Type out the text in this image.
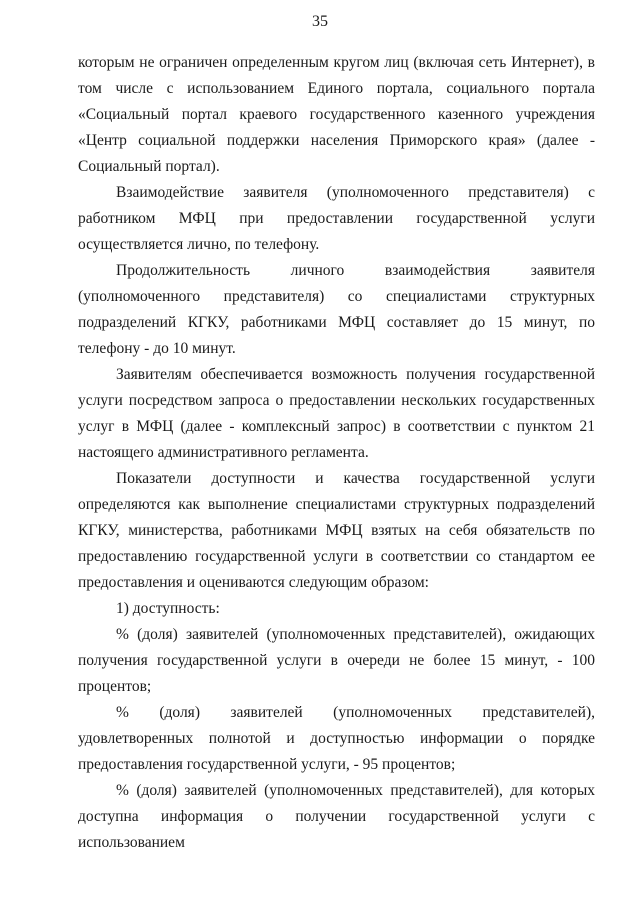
35

которым не ограничен определенным кругом лиц (включая сеть Интернет), в том числе с использованием Единого портала, социального портала «Социальный портал краевого государственного казенного учреждения «Центр социальной поддержки населения Приморского края» (далее - Социальный портал).

Взаимодействие заявителя (уполномоченного представителя) с работником МФЦ при предоставлении государственной услуги осуществляется лично, по телефону.

Продолжительность личного взаимодействия заявителя (уполномоченного представителя) со специалистами структурных подразделений КГКУ, работниками МФЦ составляет до 15 минут, по телефону - до 10 минут.

Заявителям обеспечивается возможность получения государственной услуги посредством запроса о предоставлении нескольких государственных услуг в МФЦ (далее - комплексный запрос) в соответствии с пунктом 21 настоящего административного регламента.

Показатели доступности и качества государственной услуги определяются как выполнение специалистами структурных подразделений КГКУ, министерства, работниками МФЦ взятых на себя обязательств по предоставлению государственной услуги в соответствии со стандартом ее предоставления и оцениваются следующим образом:

1) доступность:

% (доля) заявителей (уполномоченных представителей), ожидающих получения государственной услуги в очереди не более 15 минут, - 100 процентов;

% (доля) заявителей (уполномоченных представителей), удовлетворенных полнотой и доступностью информации о порядке предоставления государственной услуги, - 95 процентов;

% (доля) заявителей (уполномоченных представителей), для которых доступна информация о получении государственной услуги с использованием
